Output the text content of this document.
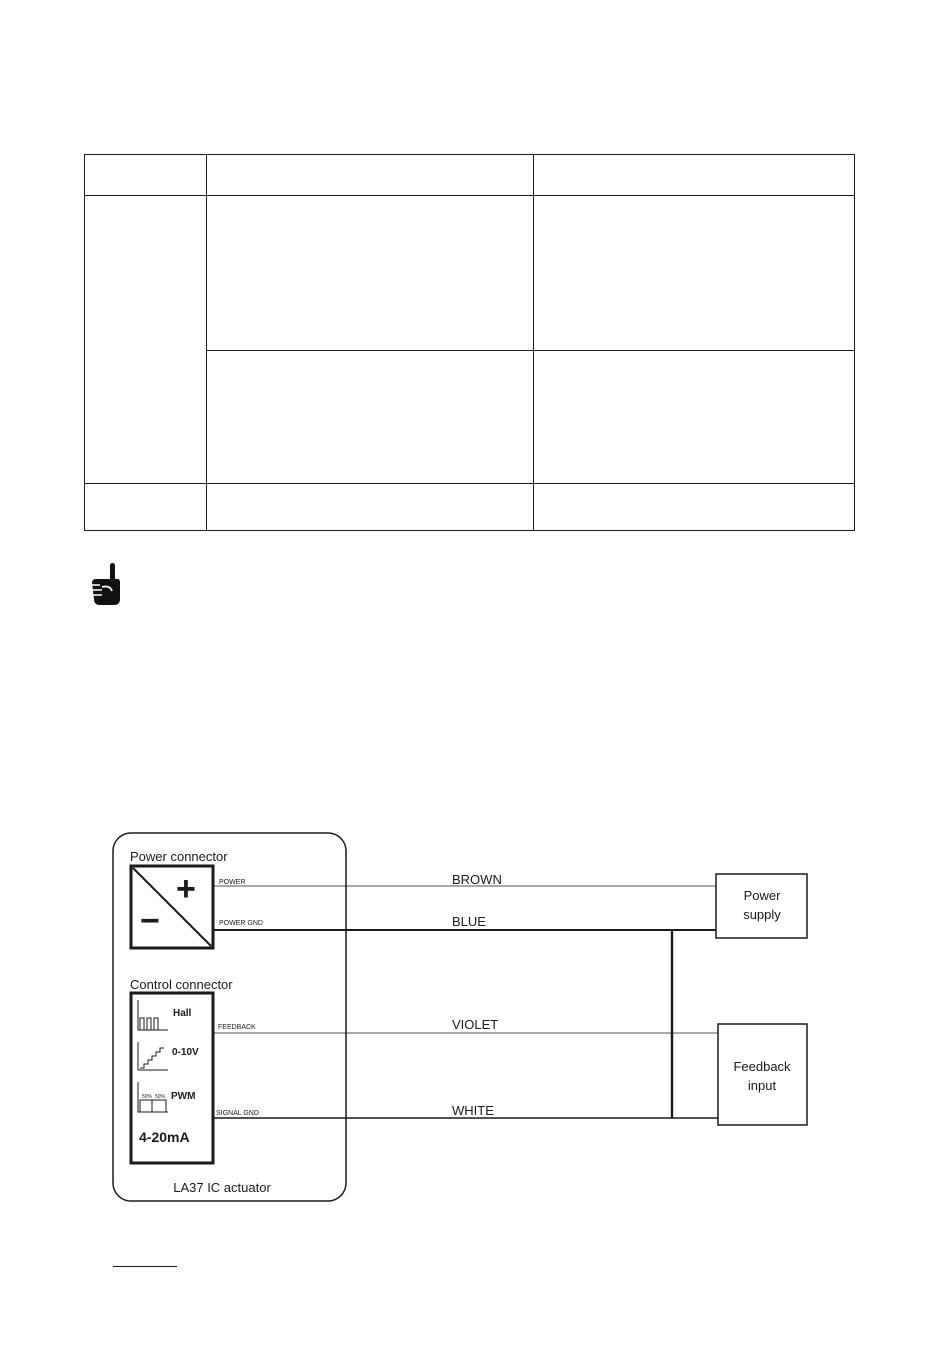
Power connector
+
−
Control connector
Hall
0-10V
50% 50% PWM
4-20mA
POWER
POWER GND
FEEDBACK
SIGNAL GND
BROWN
BLUE
VIOLET
WHITE
Power
supply
Feedback
input
LA37 IC actuator
